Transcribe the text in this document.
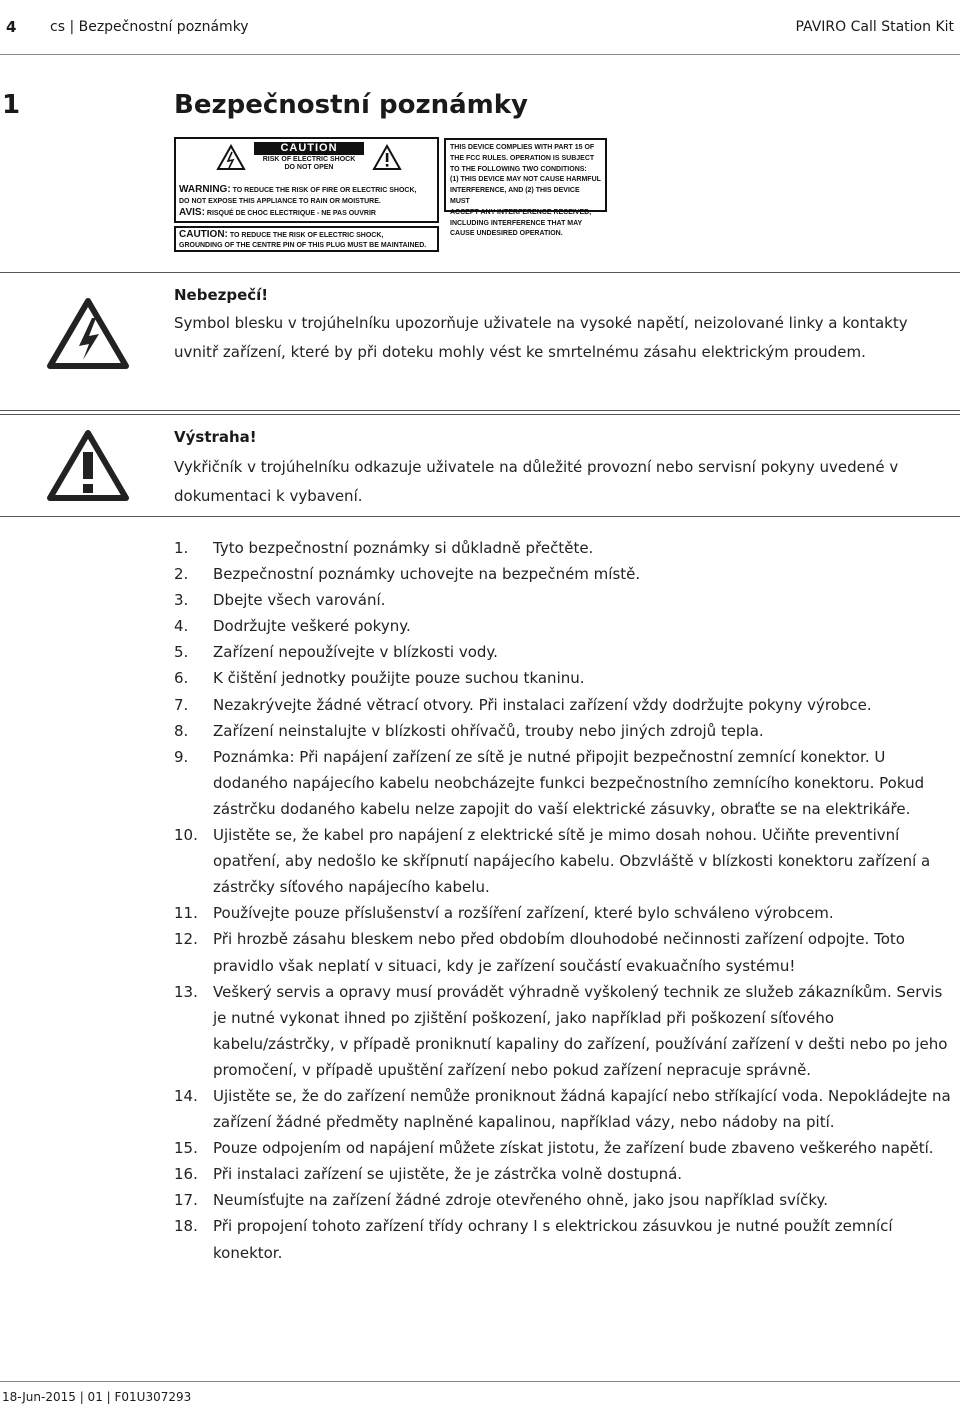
4 cs | Bezpečnostní poznámky	PAVIRO Call Station Kit
1	Bezpečnostní poznámky
CAUTION
RISK OF ELECTRIC SHOCK
DO NOT OPEN
WARNING: TO REDUCE THE RISK OF FIRE OR ELECTRIC SHOCK,
DO NOT EXPOSE THIS APPLIANCE TO RAIN OR MOISTURE.
AVIS: RISQUÉ DE CHOC ELECTRIQUE - NE PAS OUVRIR
THIS DEVICE COMPLIES WITH PART 15 OF
THE FCC RULES. OPERATION IS SUBJECT
TO THE FOLLOWING TWO CONDITIONS:
(1) THIS DEVICE MAY NOT CAUSE HARMFUL
INTERFERENCE, AND (2) THIS DEVICE MUST
ACCEPT ANY INTERFERENCE RECEIVED,
INCLUDING INTERFERENCE THAT MAY
CAUSE UNDESIRED OPERATION.
CAUTION: TO REDUCE THE RISK OF ELECTRIC SHOCK,
GROUNDING OF THE CENTRE PIN OF THIS PLUG MUST BE MAINTAINED.
Nebezpečí!
Symbol blesku v trojúhelníku upozorňuje uživatele na vysoké napětí, neizolované linky a kontakty uvnitř zařízení, které by při doteku mohly vést ke smrtelnému zásahu elektrickým proudem.
Výstraha!
Vykřičník v trojúhelníku odkazuje uživatele na důležité provozní nebo servisní pokyny uvedené v dokumentaci k vybavení.
1. Tyto bezpečnostní poznámky si důkladně přečtěte.
2. Bezpečnostní poznámky uchovejte na bezpečném místě.
3. Dbejte všech varování.
4. Dodržujte veškeré pokyny.
5. Zařízení nepoužívejte v blízkosti vody.
6. K čištění jednotky použijte pouze suchou tkaninu.
7. Nezakrývejte žádné větrací otvory. Při instalaci zařízení vždy dodržujte pokyny výrobce.
8. Zařízení neinstalujte v blízkosti ohřívačů, trouby nebo jiných zdrojů tepla.
9. Poznámka: Při napájení zařízení ze sítě je nutné připojit bezpečnostní zemnící konektor. U dodaného napájecího kabelu neobcházejte funkci bezpečnostního zemnícího konektoru. Pokud zástrčku dodaného kabelu nelze zapojit do vaší elektrické zásuvky, obraťte se na elektrikáře.
10. Ujistěte se, že kabel pro napájení z elektrické sítě je mimo dosah nohou. Učiňte preventivní opatření, aby nedošlo ke skřípnutí napájecího kabelu. Obzvláště v blízkosti konektoru zařízení a zástrčky síťového napájecího kabelu.
11. Používejte pouze příslušenství a rozšíření zařízení, které bylo schváleno výrobcem.
12. Při hrozbě zásahu bleskem nebo před obdobím dlouhodobé nečinnosti zařízení odpojte. Toto pravidlo však neplatí v situaci, kdy je zařízení součástí evakuačního systému!
13. Veškerý servis a opravy musí provádět výhradně vyškolený technik ze služeb zákazníkům. Servis je nutné vykonat ihned po zjištění poškození, jako například při poškození síťového kabelu/zástrčky, v případě proniknutí kapaliny do zařízení, používání zařízení v dešti nebo po jeho promočení, v případě upuštění zařízení nebo pokud zařízení nepracuje správně.
14. Ujistěte se, že do zařízení nemůže proniknout žádná kapající nebo stříkající voda. Nepokládejte na zařízení žádné předměty naplněné kapalinou, například vázy, nebo nádoby na pití.
15. Pouze odpojením od napájení můžete získat jistotu, že zařízení bude zbaveno veškerého napětí.
16. Při instalaci zařízení se ujistěte, že je zástrčka volně dostupná.
17. Neumísťujte na zařízení žádné zdroje otevřeného ohně, jako jsou například svíčky.
18. Při propojení tohoto zařízení třídy ochrany I s elektrickou zásuvkou je nutné použít zemnící konektor.
18-Jun-2015 | 01 | F01U307293
